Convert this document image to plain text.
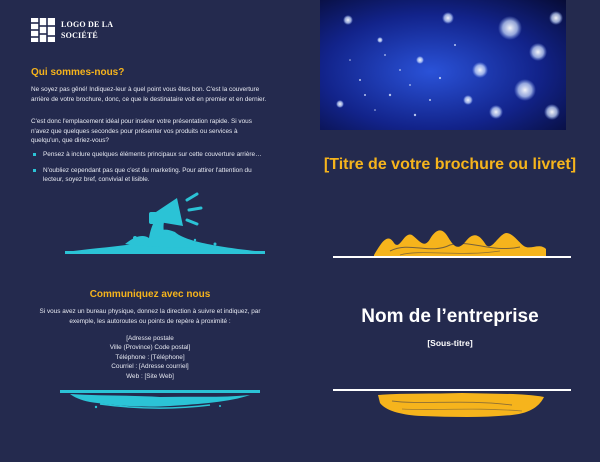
LOGO DE LA SOCIÉTÉ
Qui sommes-nous?

Ne soyez pas gêné! Indiquez-leur à quel point vous êtes bon. C'est la couverture arrière de votre brochure, donc, ce que le destinataire voit en premier et en dernier.

C'est donc l'emplacement idéal pour insérer votre présentation rapide. Si vous n'avez que quelques secondes pour présenter vos produits ou services à quelqu'un, que diriez-vous?

Pensez à inclure quelques éléments principaux sur cette couverture arrière…
N'oubliez cependant pas que c'est du marketing. Pour attirer l'attention du lecteur, soyez bref, convivial et lisible.
Communiquez avec nous

Si vous avez un bureau physique, donnez la direction à suivre et indiquez, par exemple, les autoroutes ou points de repère à proximité :

[Adresse postale
Ville (Province) Code postal]
Téléphone : [Téléphone]
Courriel : [Adresse courriel]
Web : [Site Web]
[Titre de votre brochure ou livret]
Nom de l’entreprise

[Sous-titre]
